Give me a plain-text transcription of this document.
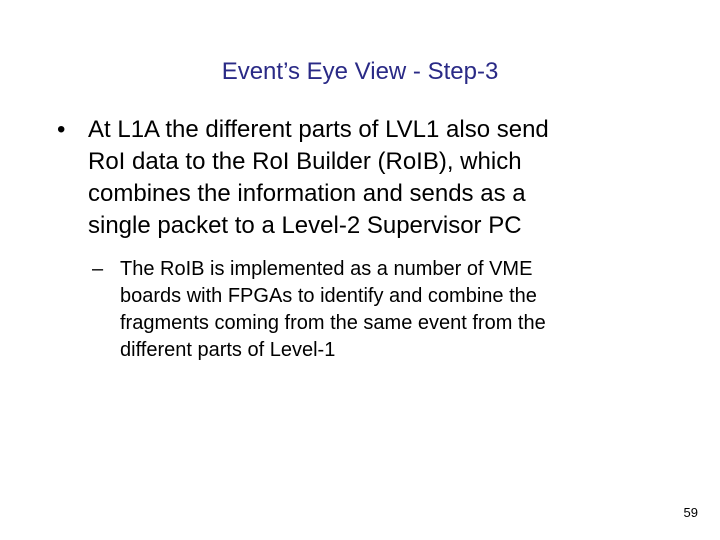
Event’s Eye View - Step-3
• At L1A the different parts of LVL1 also send
RoI data to the RoI Builder (RoIB), which
combines the information and sends as a
single packet to a Level-2 Supervisor PC
– The RoIB is implemented as a number of VME
boards with FPGAs to identify and combine the
fragments coming from the same event from the
different parts of Level-1
59
